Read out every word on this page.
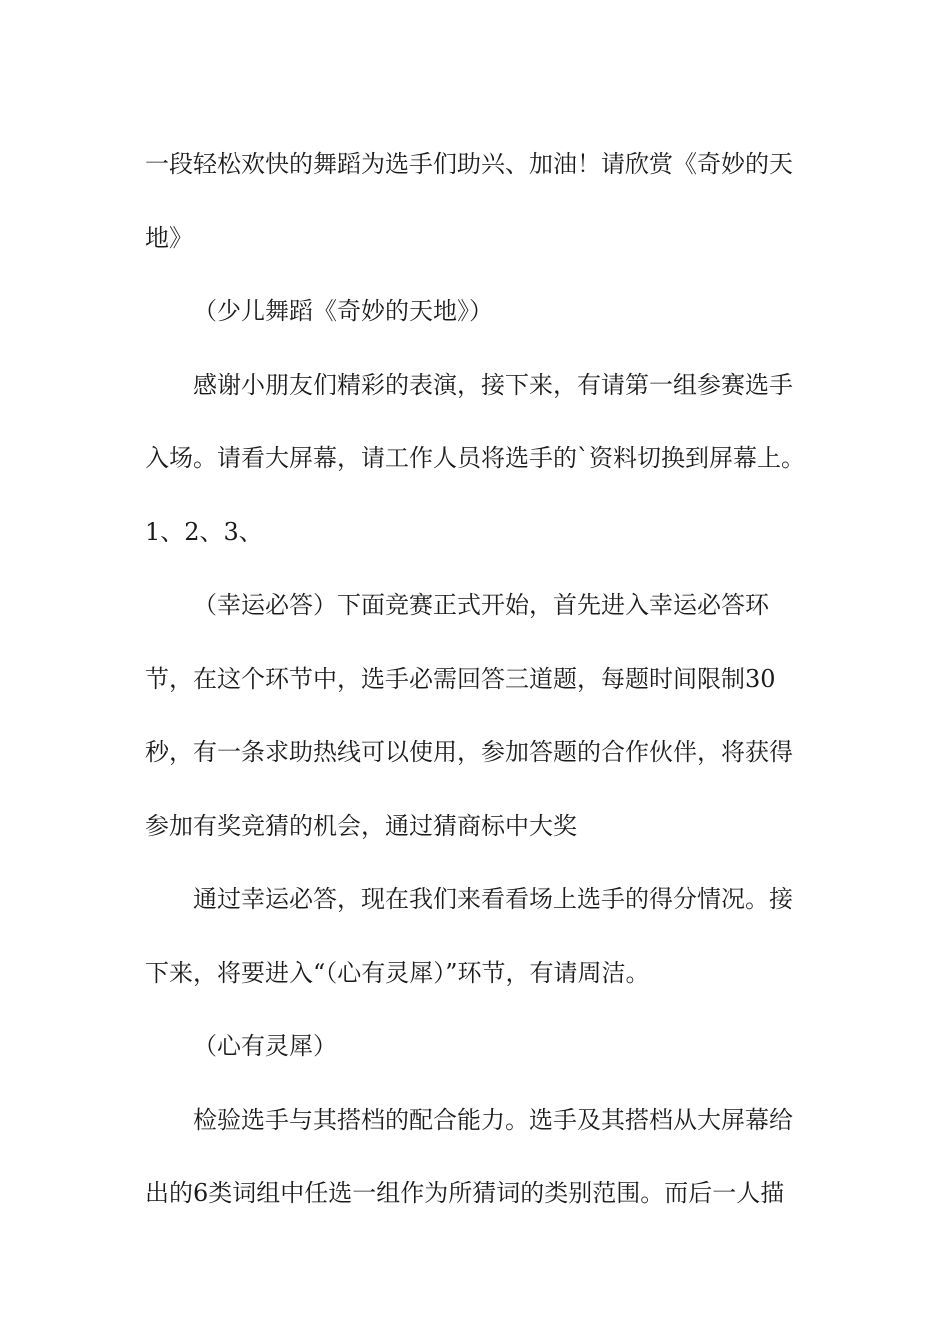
一段轻松欢快的舞蹈为选手们助兴、加油！请欣赏《奇妙的天地》

（少儿舞蹈《奇妙的天地》）

感谢小朋友们精彩的表演，接下来，有请第一组参赛选手入场。请看大屏幕，请工作人员将选手的`资料切换到屏幕上。1、2、3、

（幸运必答）下面竞赛正式开始，首先进入幸运必答环节，在这个环节中，选手必需回答三道题，每题时间限制30秒，有一条求助热线可以使用，参加答题的合作伙伴，将获得参加有奖竞猜的机会，通过猜商标中大奖

通过幸运必答，现在我们来看看场上选手的得分情况。接下来，将要进入“（心有灵犀）”环节，有请周洁。

（心有灵犀）

检验选手与其搭档的配合能力。选手及其搭档从大屏幕给出的6类词组中任选一组作为所猜词的类别范围。而后一人描
